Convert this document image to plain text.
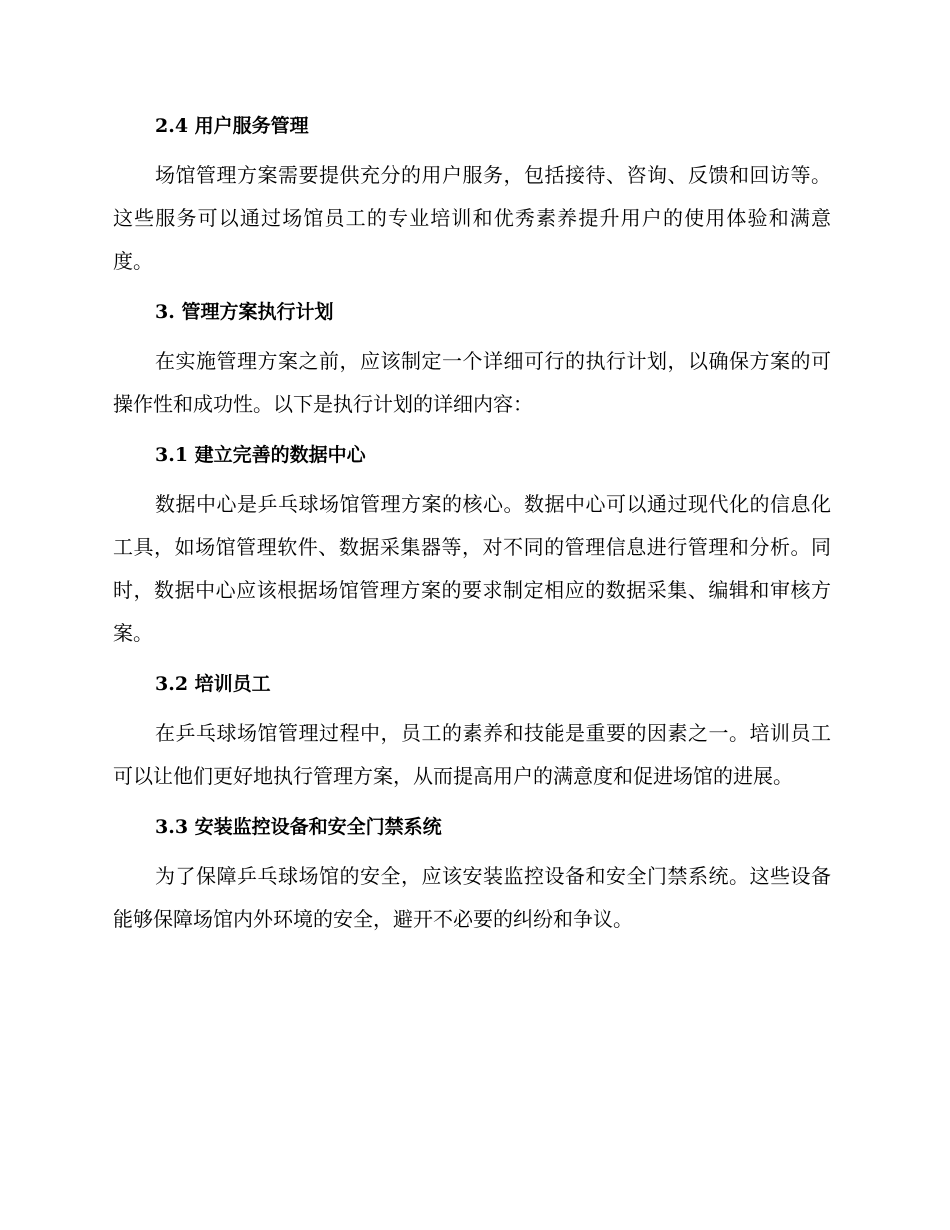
2.4 用户服务管理

场馆管理方案需要提供充分的用户服务，包括接待、咨询、反馈和回访等。这些服务可以通过场馆员工的专业培训和优秀素养提升用户的使用体验和满意度。

3. 管理方案执行计划

在实施管理方案之前，应该制定一个详细可行的执行计划，以确保方案的可操作性和成功性。以下是执行计划的详细内容：

3.1 建立完善的数据中心

数据中心是乒乓球场馆管理方案的核心。数据中心可以通过现代化的信息化工具，如场馆管理软件、数据采集器等，对不同的管理信息进行管理和分析。同时，数据中心应该根据场馆管理方案的要求制定相应的数据采集、编辑和审核方案。

3.2 培训员工

在乒乓球场馆管理过程中，员工的素养和技能是重要的因素之一。培训员工可以让他们更好地执行管理方案，从而提高用户的满意度和促进场馆的进展。

3.3 安装监控设备和安全门禁系统

为了保障乒乓球场馆的安全，应该安装监控设备和安全门禁系统。这些设备能够保障场馆内外环境的安全，避开不必要的纠纷和争议。
